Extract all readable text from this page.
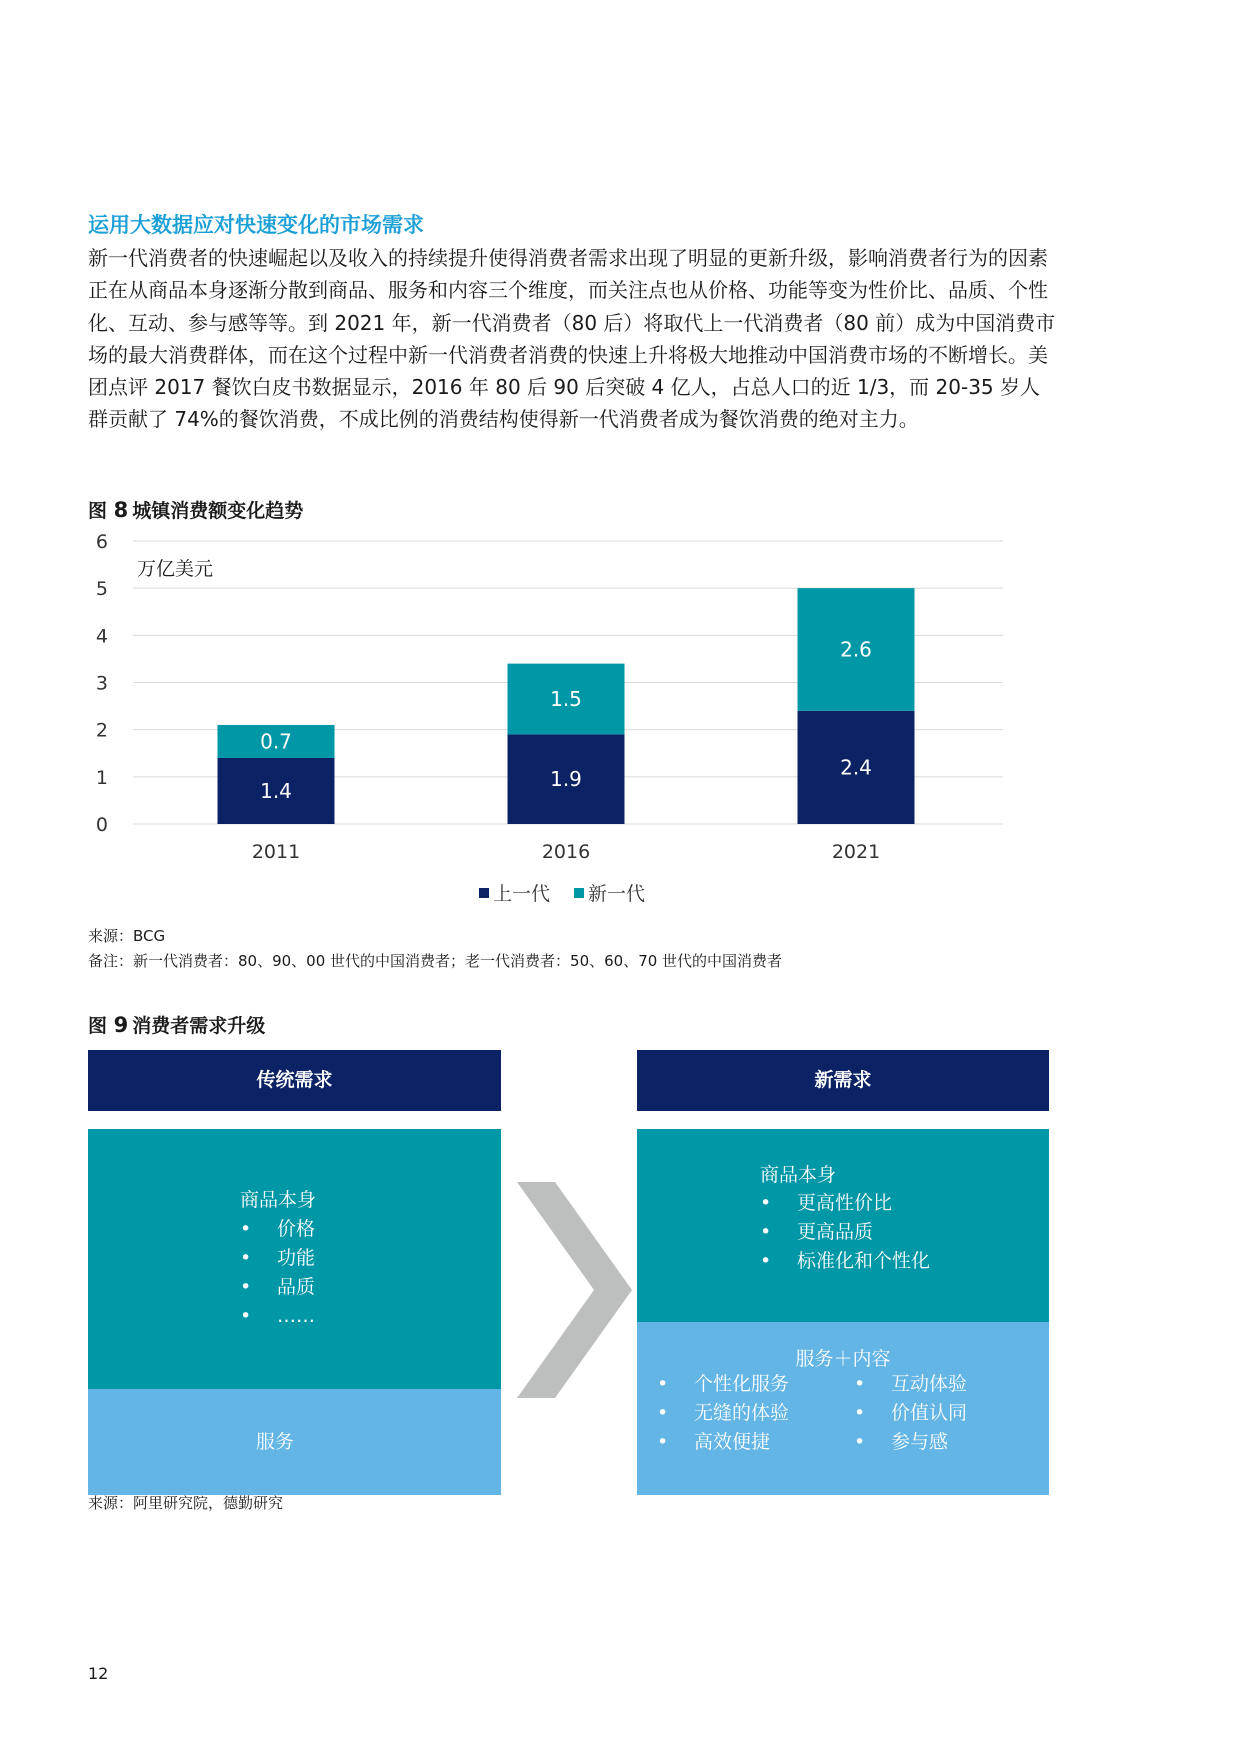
运用大数据应对快速变化的市场需求

新一代消费者的快速崛起以及收入的持续提升使得消费者需求出现了明显的更新升级，影响消费者行为的因素正在从商品本身逐渐分散到商品、服务和内容三个维度，而关注点也从价格、功能等变为性价比、品质、个性化、互动、参与感等等。到 2021 年，新一代消费者（80 后）将取代上一代消费者（80 前）成为中国消费市场的最大消费群体，而在这个过程中新一代消费者消费的快速上升将极大地推动中国消费市场的不断增长。美团点评 2017 餐饮白皮书数据显示，2016 年 80 后 90 后突破 4 亿人，占总人口的近 1/3，而 20-35 岁人群贡献了 74%的餐饮消费，不成比例的消费结构使得新一代消费者成为餐饮消费的绝对主力。

图 8 城镇消费额变化趋势
0
1
2
3
4
5
6
万亿美元
1.4
0.7
2011
1.9
1.5
2016
2.4
2.6
2021
上一代 新一代

来源：BCG

备注：新一代消费者：80、90、00 世代的中国消费者；老一代消费者：50、60、70 世代的中国消费者

图 9 消费者需求升级
传统需求
商品本身
• 价格
• 功能
• 品质
• ……
服务
新需求
商品本身
• 更高性价比
• 更高品质
• 标准化和个性化
服务＋内容
• 个性化服务
• 无缝的体验
• 高效便捷
• 互动体验
• 价值认同
• 参与感

来源：阿里研究院，德勤研究

12
